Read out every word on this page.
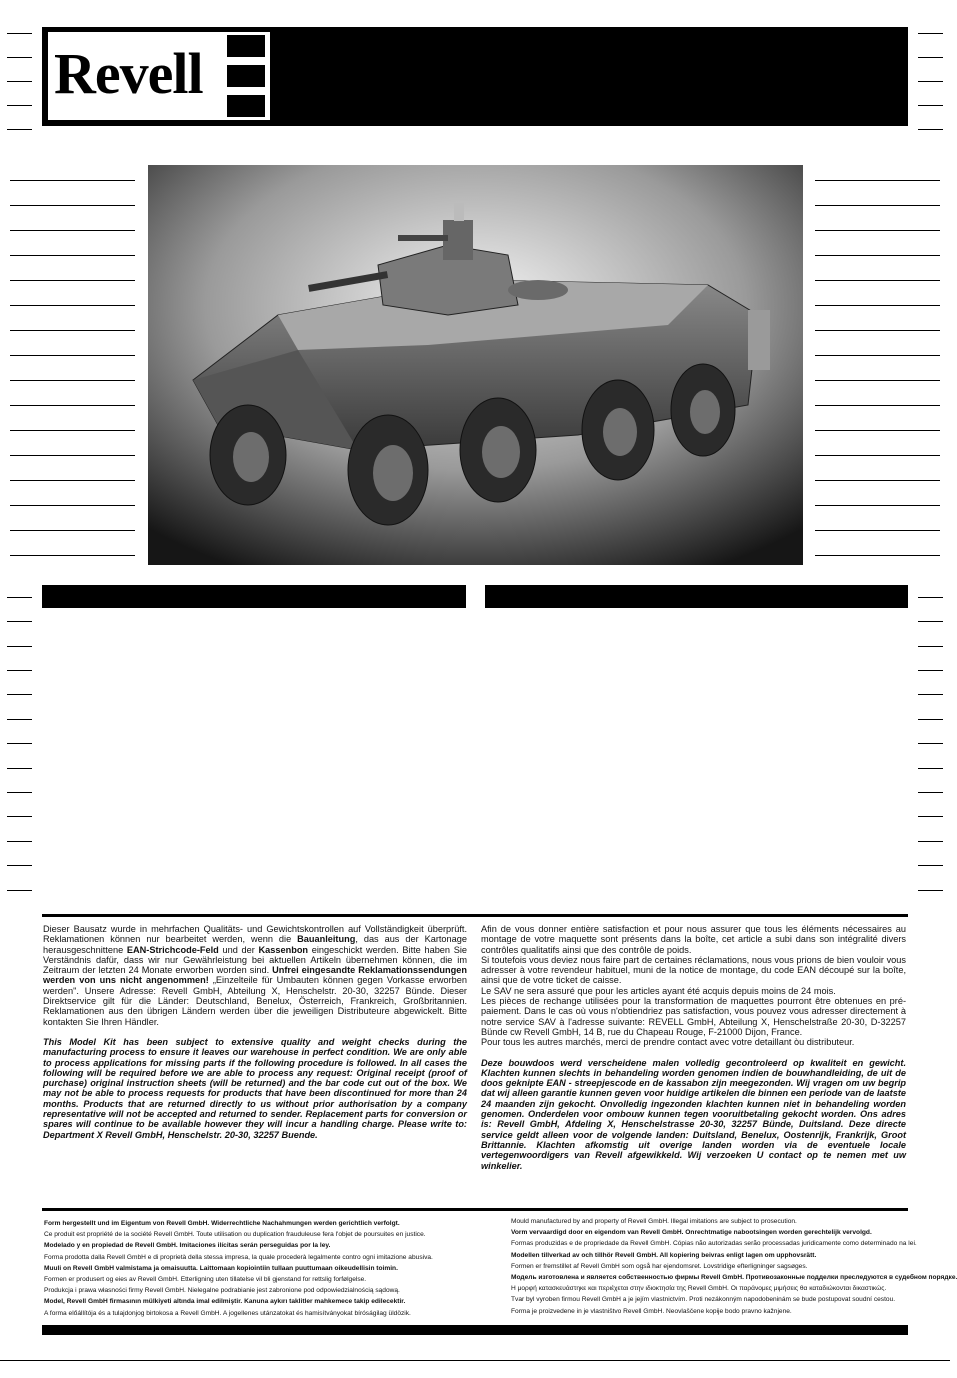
Revell

Dieser Bausatz wurde in mehrfachen Qualitäts- und Gewichtskontrollen auf Vollständigkeit überprüft. Reklamationen können nur bearbeitet werden, wenn die Bauanleitung, das aus der Kartonage herausgeschnittene EAN-Strichcode-Feld und der Kassenbon eingeschickt werden. Bitte haben Sie Verständnis dafür, dass wir nur Gewährleistung bei aktuellen Artikeln übernehmen können, die im Zeitraum der letzten 24 Monate erworben worden sind. Unfrei eingesandte Reklamationssendungen werden von uns nicht angenommen! „Einzelteile für Umbauten können gegen Vorkasse erworben werden". Unsere Adresse: Revell GmbH, Abteilung X, Henschelstr. 20-30, 32257 Bünde. Dieser Direktservice gilt für die Länder: Deutschland, Benelux, Österreich, Frankreich, Großbritannien. Reklamationen aus den übrigen Ländern werden über die jeweiligen Distributeure abgewickelt. Bitte kontakten Sie Ihren Händler.

This Model Kit has been subject to extensive quality and weight checks during the manufacturing process to ensure it leaves our warehouse in perfect condition. We are only able to process applications for missing parts if the following procedure is followed. In all cases the following will be required before we are able to process any request: Original receipt (proof of purchase) original instruction sheets (will be returned) and the bar code cut out of the box. We may not be able to process requests for products that have been discontinued for more than 24 months. Products that are returned directly to us without prior authorisation by a company representative will not be accepted and returned to sender. Replacement parts for conversion or spares will continue to be available however they will incur a handling charge. Please write to: Department X Revell GmbH, Henschelstr. 20-30, 32257 Buende.

Afin de vous donner entière satisfaction et pour nous assurer que tous les éléments nécessaires au montage de votre maquette sont présents dans la boîte, cet article a subi dans son intégralité divers contrôles qualitatifs ainsi que des contrôle de poids.

Si toutefois vous deviez nous faire part de certaines réclamations, nous vous prions de bien vouloir vous adresser à votre revendeur habituel, muni de la notice de montage, du code EAN découpé sur la boîte, ainsi que de votre ticket de caisse.

Le SAV ne sera assuré que pour les articles ayant été acquis depuis moins de 24 mois.

Les pièces de rechange utilisées pour la transformation de maquettes pourront être obtenues en pré-paiement. Dans le cas où vous n'obtiendriez pas satisfaction, vous pouvez vous adresser directement à notre service SAV à l'adresse suivante: REVELL GmbH, Abteilung X, Henschelstraße 20-30, D-32257 Bünde cw Revell GmbH, 14 B, rue du Chapeau Rouge, F-21000 Dijon, France.

Pour tous les autres marchés, merci de prendre contact avec votre detaillant òu distributeur.

Deze bouwdoos werd verscheidene malen volledig gecontroleerd op kwaliteit en gewicht. Klachten kunnen slechts in behandeling worden genomen indien de bouwhandleiding, de uit de doos geknipte EAN - streepjescode en de kassabon zijn meegezonden. Wij vragen om uw begrip dat wij alleen garantie kunnen geven voor huidige artikelen die binnen een periode van de laatste 24 maanden zijn gekocht. Onvolledig ingezonden klachten kunnen niet in behandeling worden genomen. Onderdelen voor ombouw kunnen tegen vooruitbetaling gekocht worden. Ons adres is: Revell GmbH, Afdeling X, Henschelstrasse 20-30, 32257 Bünde, Duitsland. Deze directe service geldt alleen voor de volgende landen: Duitsland, Benelux, Oostenrijk, Frankrijk, Groot Brittannie. Klachten afkomstig uit overige landen worden via de eventuele locale vertegenwoordigers van Revell afgewikkeld. Wij verzoeken U contact op te nemen met uw winkelier.

Form hergestellt und im Eigentum von Revell GmbH. Widerrechtliche Nachahmungen werden gerichtlich verfolgt.
Ce produit est propriété de la société Revell GmbH. Toute utilisation ou duplication frauduleuse fera l'objet de poursuites en justice.
Modelado y en propiedad de Revell GmbH. Imitaciones ilícitas serán perseguidas por la ley.
Forma prodotta dalla Revell GmbH e di proprietà della stessa impresa, la quale procederà legalmente contro ogni imitazione abusiva.
Muuli on Revell GmbH valmistama ja omaisuutta. Laittomaan kopiointiin tullaan puuttumaan oikeudellisin toimin.
Formen er produsert og eies av Revell GmbH. Etterligning uten tillatelse vil bli gjenstand for rettslig forfølgelse.
Produkcja i prawa własności firmy Revell GmbH. Nielegalne podrabianie jest zabronione pod odpowiedzialnością sądową.
Model, Revell GmbH firmasının mülkiyeti altında imal edilmiştir. Kanuna aykırı taklitler mahkemece takip edilecektir.
A forma előállítója és a tulajdonjog birtokosa a Revell GmbH. A jogellenes utánzatokat és hamisítványokat bíróságilag üldözik.
Mould manufactured by and property of Revell GmbH. Illegal imitations are subject to prosecution.
Vorm vervaardigd door en eigendom van Revell GmbH. Onrechtmatige nabootsingen worden gerechtelijk vervolgd.
Formas produzidas e de propriedade da Revell GmbH. Cópias não autorizadas serão processadas juridicamente como determinado na lei.
Modellen tillverkad av och tillhör Revell GmbH. All kopiering beivras enligt lagen om upphovsrätt.
Formen er fremstillet af Revell GmbH som også har ejendomsret. Lovstridige efterligninger sagsøges.
Модель изготовлена и является собственностью фирмы Revell GmbH. Противозаконные подделки преследуются в судебном порядке.
Η μορφή κατασκευάστηκε και περιέχεται στην ιδιοκτησία της Revell GmbH. Οι παράνομες μιμήσεις θα καταδιώκονται δικαστικώς.
Tvar byl vyroben firmou Revell GmbH a je jejím vlastnictvím. Proti nezákonným napodobeninám se bude postupovat soudní cestou.
Forma je proizvedene in je vlastništvo Revell GmbH. Neovlaščene kopije bodo pravno kažnjene.
